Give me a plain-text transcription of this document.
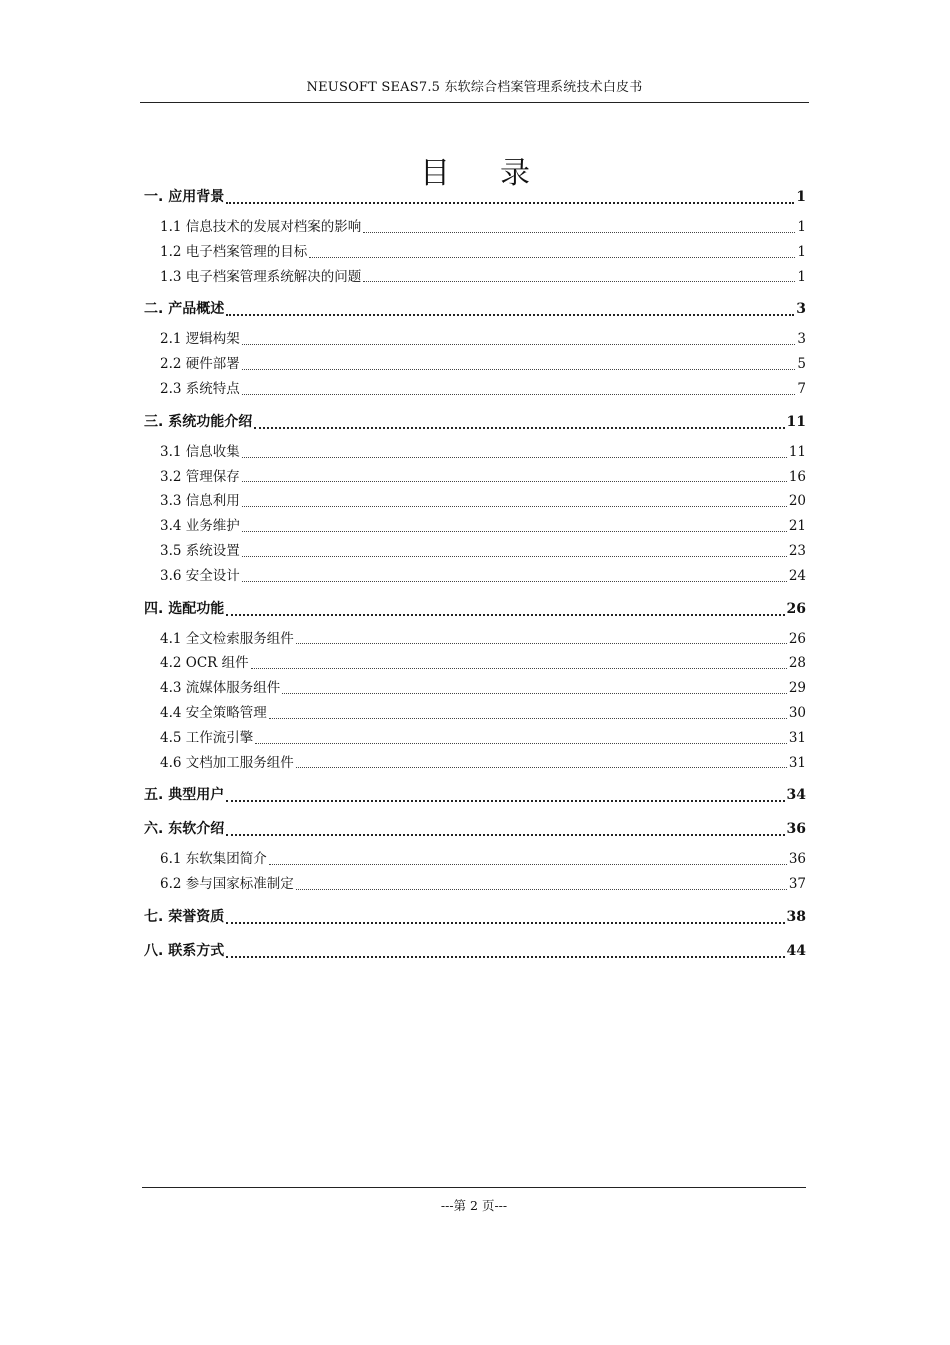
NEUSOFT SEAS7.5 东软综合档案管理系统技术白皮书
目录
一. 应用背景	1
1.1 信息技术的发展对档案的影响	1
1.2 电子档案管理的目标	1
1.3 电子档案管理系统解决的问题	1
二. 产品概述	3
2.1 逻辑构架	3
2.2 硬件部署	5
2.3 系统特点	7
三. 系统功能介绍	11
3.1 信息收集	11
3.2 管理保存	16
3.3 信息利用	20
3.4 业务维护	21
3.5 系统设置	23
3.6 安全设计	24
四. 选配功能	26
4.1 全文检索服务组件	26
4.2 OCR 组件	28
4.3 流媒体服务组件	29
4.4 安全策略管理	30
4.5 工作流引擎	31
4.6 文档加工服务组件	31
五. 典型用户	34
六. 东软介绍	36
6.1 东软集团简介	36
6.2 参与国家标准制定	37
七. 荣誉资质	38
八. 联系方式	44
---第 2 页---
